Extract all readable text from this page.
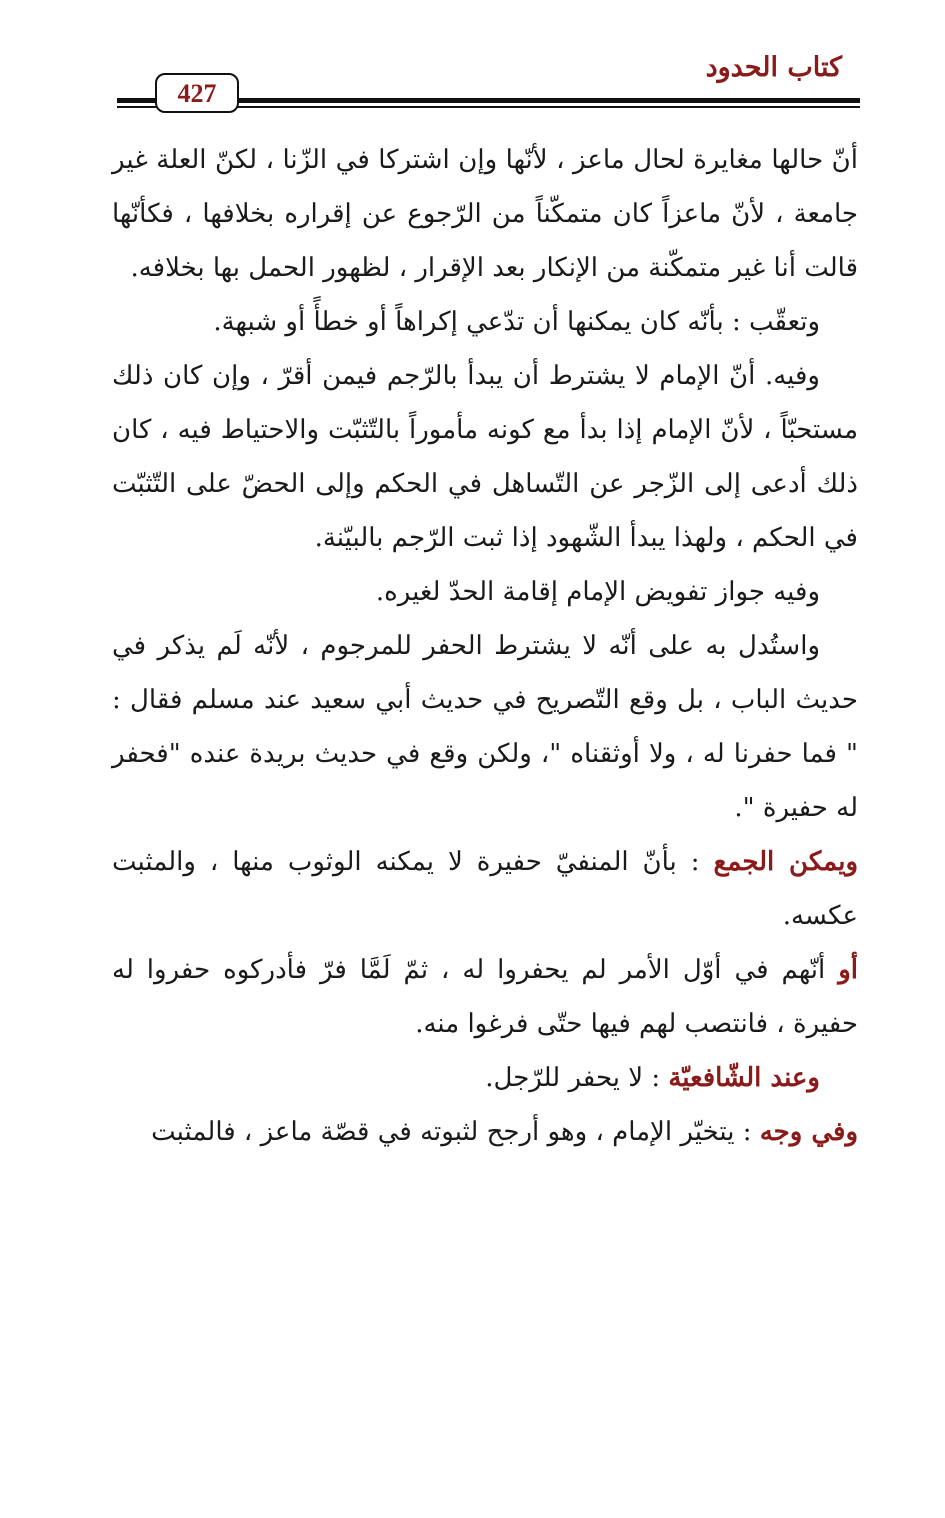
كتاب الحدود
427

أنّ حالها مغايرة لحال ماعز ، لأنّها وإن اشتركا في الزّنا ، لكنّ العلة غير جامعة ، لأنّ ماعزاً كان متمكّناً من الرّجوع عن إقراره بخلافها ، فكأنّها قالت أنا غير متمكّنة من الإنكار بعد الإقرار ، لظهور الحمل بها بخلافه.

وتعقّب : بأنّه كان يمكنها أن تدّعي إكراهاً أو خطأً أو شبهة.

وفيه. أنّ الإمام لا يشترط أن يبدأ بالرّجم فيمن أقرّ ، وإن كان ذلك مستحبّاً ، لأنّ الإمام إذا بدأ مع كونه مأموراً بالتّثبّت والاحتياط فيه ، كان ذلك أدعى إلى الزّجر عن التّساهل في الحكم وإلى الحضّ على التّثبّت في الحكم ، ولهذا يبدأ الشّهود إذا ثبت الرّجم بالبيّنة.

وفيه جواز تفويض الإمام إقامة الحدّ لغيره.

واستُدل به على أنّه لا يشترط الحفر للمرجوم ، لأنّه لَم يذكر في حديث الباب ، بل وقع التّصريح في حديث أبي سعيد عند مسلم فقال : " فما حفرنا له ، ولا أوثقناه "، ولكن وقع في حديث بريدة عنده "فحفر له حفيرة ".

ويمكن الجمع : بأنّ المنفيّ حفيرة لا يمكنه الوثوب منها ، والمثبت عكسه.

أو أنّهم في أوّل الأمر لم يحفروا له ، ثمّ لَمَّا فرّ فأدركوه حفروا له حفيرة ، فانتصب لهم فيها حتّى فرغوا منه.

وعند الشّافعيّة : لا يحفر للرّجل.

وفي وجه : يتخيّر الإمام ، وهو أرجح لثبوته في قصّة ماعز ، فالمثبت
